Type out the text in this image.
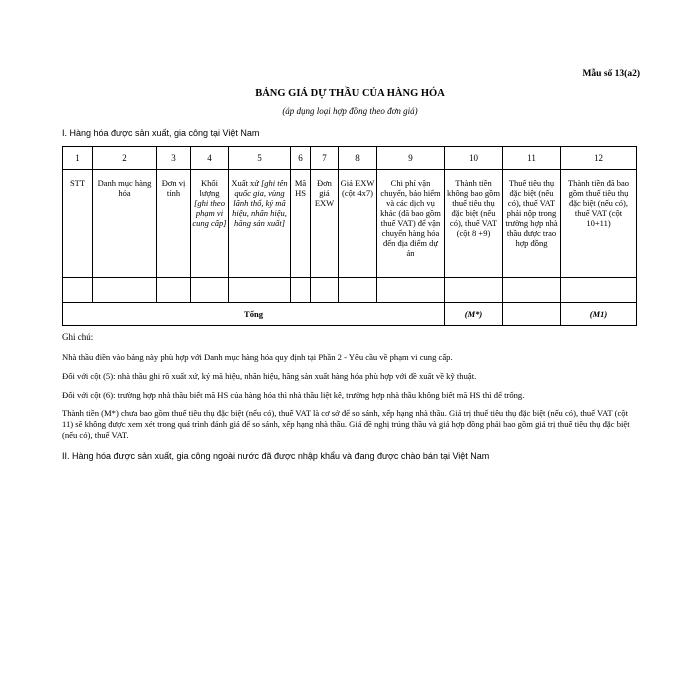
Mẫu số 13(a2)
BẢNG GIÁ DỰ THẦU CỦA HÀNG HÓA
(áp dụng loại hợp đồng theo đơn giá)
I. Hàng hóa được sản xuất, gia công tại Việt Nam
1	2	3	4	5	6	7	8	9	10	11	12
STT	Danh mục hàng hóa	Đơn vị tính	Khối lượng [ghi theo phạm vi cung cấp]	Xuất xứ [ghi tên quốc gia, vùng lãnh thổ, ký mã hiệu, nhãn hiệu, hãng sản xuất]	Mã HS	Đơn giá EXW	Giá EXW (cột 4x7)	Chi phí vận chuyển, bảo hiểm và các dịch vụ khác (đã bao gồm thuế VAT) để vận chuyển hàng hóa đến địa điểm dự án	Thành tiền không bao gồm thuế tiêu thụ đặc biệt (nếu có), thuế VAT (cột 8 +9)	Thuế tiêu thụ đặc biệt (nếu có), thuế VAT phải nộp trong trường hợp nhà thầu được trao hợp đồng	Thành tiền đã bao gồm thuế tiêu thụ đặc biệt (nếu có), thuế VAT (cột 10+11)

Tổng									(M*)		(M1)
Ghi chú:
Nhà thầu điền vào bảng này phù hợp với Danh mục hàng hóa quy định tại Phần 2 - Yêu cầu về phạm vi cung cấp.
Đối với cột (5): nhà thầu ghi rõ xuất xứ, ký mã hiệu, nhãn hiệu, hãng sản xuất hàng hóa phù hợp với đề xuất về kỹ thuật.
Đối với cột (6): trường hợp nhà thầu biết mã HS của hàng hóa thì nhà thầu liệt kê, trường hợp nhà thầu không biết mã HS thì để trống.
Thành tiền (M*) chưa bao gồm thuế tiêu thụ đặc biệt (nếu có), thuế VAT là cơ sở để so sánh, xếp hạng nhà thầu. Giá trị thuế tiêu thụ đặc biệt (nếu có), thuế VAT (cột 11) sẽ không được xem xét trong quá trình đánh giá để so sánh, xếp hạng nhà thầu. Giá đề nghị trúng thầu và giá hợp đồng phải bao gồm giá trị thuế tiêu thụ đặc biệt (nếu có), thuế VAT.
II. Hàng hóa được sản xuất, gia công ngoài nước đã được nhập khẩu và đang được chào bán tại Việt Nam
